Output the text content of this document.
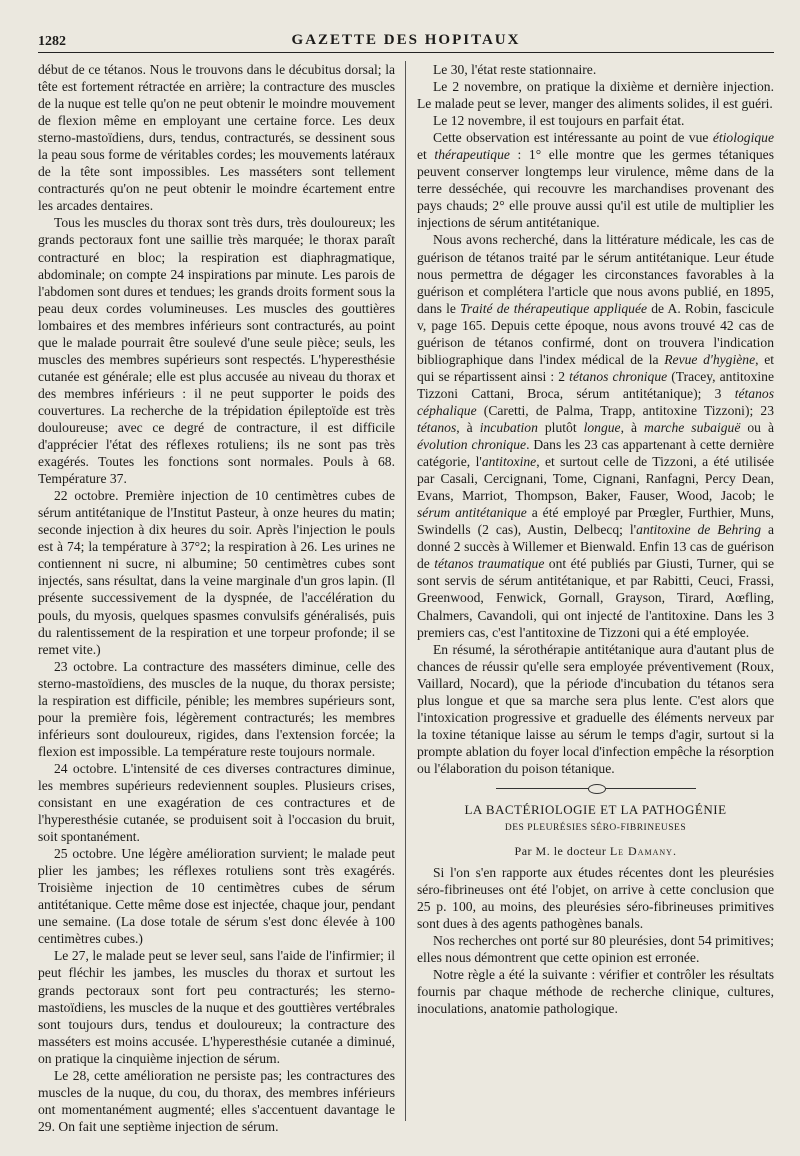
1282	GAZETTE DES HOPITAUX

début de ce tétanos. Nous le trouvons dans le décubitus dorsal; la tête est fortement rétractée en arrière; la contracture des muscles de la nuque est telle qu'on ne peut obtenir le moindre mouvement de flexion même en employant une certaine force. Les deux sterno-mastoïdiens, durs, tendus, contracturés, se dessinent sous la peau sous forme de véritables cordes; les mouvements latéraux de la tête sont impossibles. Les masséters sont tellement contracturés qu'on ne peut obtenir le moindre écartement entre les arcades dentaires.

Tous les muscles du thorax sont très durs, très douloureux; les grands pectoraux font une saillie très marquée; le thorax paraît contracturé en bloc; la respiration est diaphragmatique, abdominale; on compte 24 inspirations par minute. Les parois de l'abdomen sont dures et tendues; les grands droits forment sous la peau deux cordes volumineuses. Les muscles des gouttières lombaires et des membres inférieurs sont contracturés, au point que le malade pourrait être soulevé d'une seule pièce; seuls, les muscles des membres supérieurs sont respectés. L'hyperesthésie cutanée est générale; elle est plus accusée au niveau du thorax et des membres inférieurs : il ne peut supporter le poids des couvertures. La recherche de la trépidation épileptoïde est très douloureuse; avec ce degré de contracture, il est difficile d'apprécier l'état des réflexes rotuliens; ils ne sont pas très exagérés. Toutes les fonctions sont normales. Pouls à 68. Température 37.

22 octobre. Première injection de 10 centimètres cubes de sérum antitétanique de l'Institut Pasteur, à onze heures du matin; seconde injection à dix heures du soir. Après l'injection le pouls est à 74; la température à 37°2; la respiration à 26. Les urines ne contiennent ni sucre, ni albumine; 50 centimètres cubes sont injectés, sans résultat, dans la veine marginale d'un gros lapin. (Il présente successivement de la dyspnée, de l'accélération du pouls, du myosis, quelques spasmes convulsifs généralisés, puis du ralentissement de la respiration et une torpeur profonde; il se remet vite.)

23 octobre. La contracture des masséters diminue, celle des sterno-mastoïdiens, des muscles de la nuque, du thorax persiste; la respiration est difficile, pénible; les membres supérieurs sont, pour la première fois, légèrement contracturés; les membres inférieurs sont douloureux, rigides, dans l'extension forcée; la flexion est impossible. La température reste toujours normale.

24 octobre. L'intensité de ces diverses contractures diminue, les membres supérieurs redeviennent souples. Plusieurs crises, consistant en une exagération de ces contractures et de l'hyperesthésie cutanée, se produisent soit à l'occasion du bruit, soit spontanément.

25 octobre. Une légère amélioration survient; le malade peut plier les jambes; les réflexes rotuliens sont très exagérés. Troisième injection de 10 centimètres cubes de sérum antitétanique. Cette même dose est injectée, chaque jour, pendant une semaine. (La dose totale de sérum s'est donc élevée à 100 centimètres cubes.)

Le 27, le malade peut se lever seul, sans l'aide de l'infirmier; il peut fléchir les jambes, les muscles du thorax et surtout les grands pectoraux sont fort peu contracturés; les sterno-mastoïdiens, les muscles de la nuque et des gouttières vertébrales sont toujours durs, tendus et douloureux; la contracture des masséters est moins accusée. L'hyperesthésie cutanée a diminué, on pratique la cinquième injection de sérum.

Le 28, cette amélioration ne persiste pas; les contractures des muscles de la nuque, du cou, du thorax, des membres inférieurs ont momentanément augmenté; elles s'accentuent davantage le 29. On fait une septième injection de sérum.

Le 30, l'état reste stationnaire.

Le 2 novembre, on pratique la dixième et dernière injection. Le malade peut se lever, manger des aliments solides, il est guéri.

Le 12 novembre, il est toujours en parfait état.

Cette observation est intéressante au point de vue étiologique et thérapeutique : 1° elle montre que les germes tétaniques peuvent conserver longtemps leur virulence, même dans de la terre desséchée, qui recouvre les marchandises provenant des pays chauds; 2° elle prouve aussi qu'il est utile de multiplier les injections de sérum antitétanique.

Nous avons recherché, dans la littérature médicale, les cas de guérison de tétanos traité par le sérum antitétanique. Leur étude nous permettra de dégager les circonstances favorables à la guérison et complétera l'article que nous avons publié, en 1895, dans le Traité de thérapeutique appliquée de A. Robin, fascicule v, page 165. Depuis cette époque, nous avons trouvé 42 cas de guérison de tétanos confirmé, dont on trouvera l'indication bibliographique dans l'index médical de la Revue d'hygiène, et qui se répartissent ainsi : 2 tétanos chronique (Tracey, antitoxine Tizzoni Cattani, Broca, sérum antitétanique); 3 tétanos céphalique (Caretti, de Palma, Trapp, antitoxine Tizzoni); 23 tétanos, à incubation plutôt longue, à marche subaiguë ou à évolution chronique. Dans les 23 cas appartenant à cette dernière catégorie, l'antitoxine, et surtout celle de Tizzoni, a été utilisée par Casali, Cercignani, Tome, Cignani, Ranfagni, Percy Dean, Evans, Marriot, Thompson, Baker, Fauser, Wood, Jacob; le sérum antitétanique a été employé par Prœgler, Furthier, Muns, Swindells (2 cas), Austin, Delbecq; l'antitoxine de Behring a donné 2 succès à Willemer et Bienwald. Enfin 13 cas de guérison de tétanos traumatique ont été publiés par Giusti, Turner, qui se sont servis de sérum antitétanique, et par Rabitti, Ceuci, Frassi, Greenwood, Fenwick, Gornall, Grayson, Tirard, Aœfling, Chalmers, Cavandoli, qui ont injecté de l'antitoxine. Dans les 3 premiers cas, c'est l'antitoxine de Tizzoni qui a été employée.

En résumé, la sérothérapie antitétanique aura d'autant plus de chances de réussir qu'elle sera employée préventivement (Roux, Vaillard, Nocard), que la période d'incubation du tétanos sera plus longue et que sa marche sera plus lente. C'est alors que l'intoxication progressive et graduelle des éléments nerveux par la toxine tétanique laisse au sérum le temps d'agir, surtout si la prompte ablation du foyer local d'infection empêche la résorption ou l'élaboration du poison tétanique.

LA BACTÉRIOLOGIE ET LA PATHOGÉNIE
DES PLEURÉSIES SÉRO-FIBRINEUSES
Par M. le docteur Le Damany.

Si l'on s'en rapporte aux études récentes dont les pleurésies séro-fibrineuses ont été l'objet, on arrive à cette conclusion que 25 p. 100, au moins, des pleurésies séro-fibrineuses primitives sont dues à des agents pathogènes banals.

Nos recherches ont porté sur 80 pleurésies, dont 54 primitives; elles nous démontrent que cette opinion est erronée.

Notre règle a été la suivante : vérifier et contrôler les résultats fournis par chaque méthode de recherche clinique, cultures, inoculations, anatomie pathologique.
